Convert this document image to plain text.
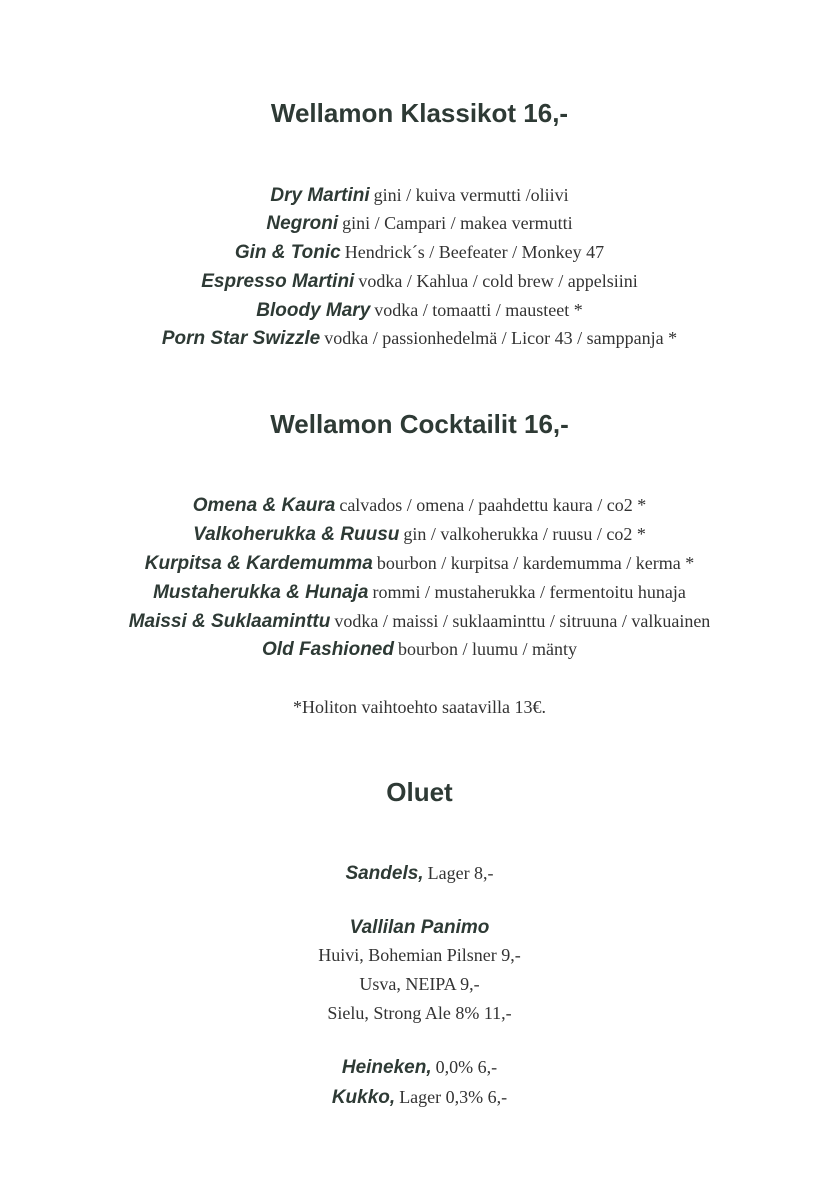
Wellamon Klassikot 16,-
Dry Martini gini / kuiva vermutti /oliivi
Negroni gini / Campari / makea vermutti
Gin & Tonic Hendrick´s / Beefeater / Monkey 47
Espresso Martini vodka / Kahlua / cold brew / appelsiini
Bloody Mary vodka / tomaatti / mausteet *
Porn Star Swizzle vodka / passionhedelmä / Licor 43 / samppanja *
Wellamon Cocktailit 16,-
Omena & Kaura calvados / omena / paahdettu kaura / co2 *
Valkoherukka & Ruusu gin / valkoherukka / ruusu / co2 *
Kurpitsa & Kardemumma bourbon / kurpitsa / kardemumma / kerma *
Mustaherukka & Hunaja rommi / mustaherukka / fermentoitu hunaja
Maissi & Suklaaminttu vodka / maissi / suklaaminttu / sitruuna / valkuainen
Old Fashioned bourbon / luumu / mänty
*Holiton vaihtoehto saatavilla 13€.
Oluet
Sandels, Lager 8,-
Vallilan Panimo
Huivi, Bohemian Pilsner 9,-
Usva, NEIPA 9,-
Sielu, Strong Ale 8% 11,-
Heineken, 0,0% 6,-
Kukko, Lager 0,3% 6,-
